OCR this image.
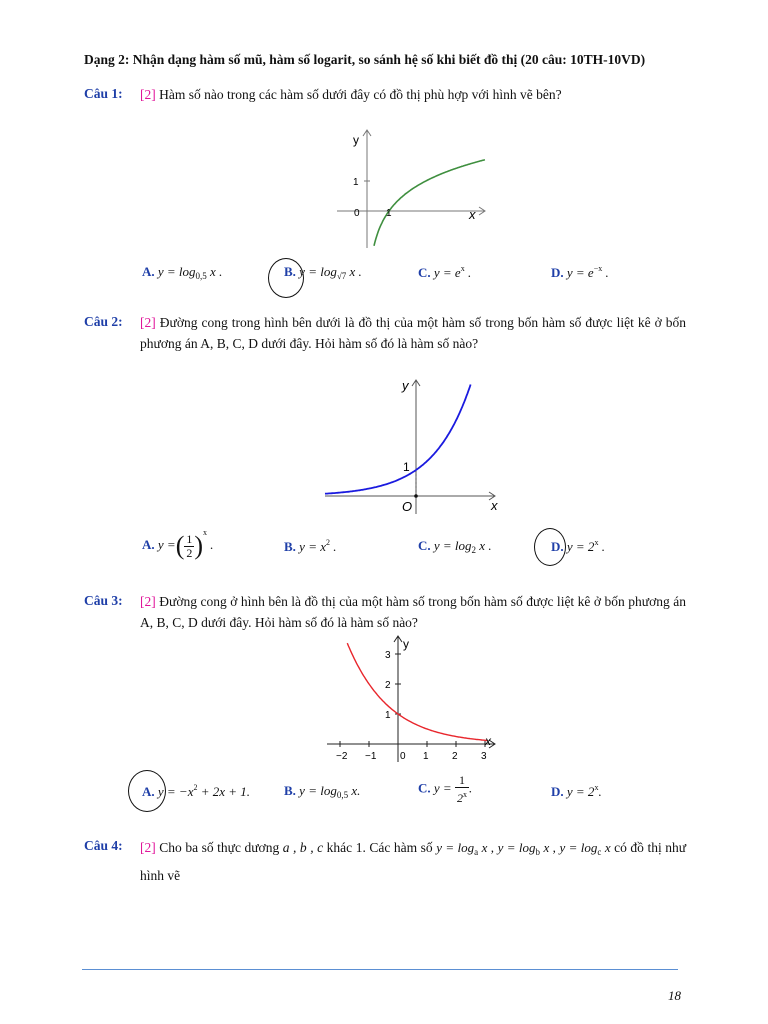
Dạng 2: Nhận dạng hàm số mũ, hàm số logarit, so sánh hệ số khi biết đồ thị (20 câu: 10TH-10VD)
Câu 1: [2] Hàm số nào trong các hàm số dưới đây có đồ thị phù hợp với hình vẽ bên?
y
1
0	1	x
A. $y = \log_{0,5} x$ .	B. $y = \log_{√7} x$ .	C. $y = e^x$ .	D. $y = e^{-x}$ .
Câu 2: [2] Đường cong trong hình bên dưới là đồ thị của một hàm số trong bốn hàm số được liệt kê ở bốn phương án A, B, C, D dưới đây. Hỏi hàm số đó là hàm số nào?
y
1
O	x
A. y =( $\frac{1}{2} )^x$ .	B. $y = x^2$ .	C. $y = \log_2 x$ .	D. $y = 2^x$ .
Câu 3: [2] Đường cong ở hình bên là đồ thị của một hàm số trong bốn hàm số được liệt kê ở bốn phương án A, B, C, D dưới đây. Hỏi hàm số đó là hàm số nào?
y
x
−2 −1 0 1 2 3
1
2
3
A. $y = -x^2 + 2x + 1$.	B. $y = \log_{0,5} x$.	C. $y = \frac{1}{2^x}$ .	D. $y = 2^x$.
Câu 4: [2] Cho ba số thực dương a , b , c khác 1. Các hàm số $y = \log_a x$ , $y = \log_b x$ , $y = \log_c x$ có đồ thị như hình vẽ
18
